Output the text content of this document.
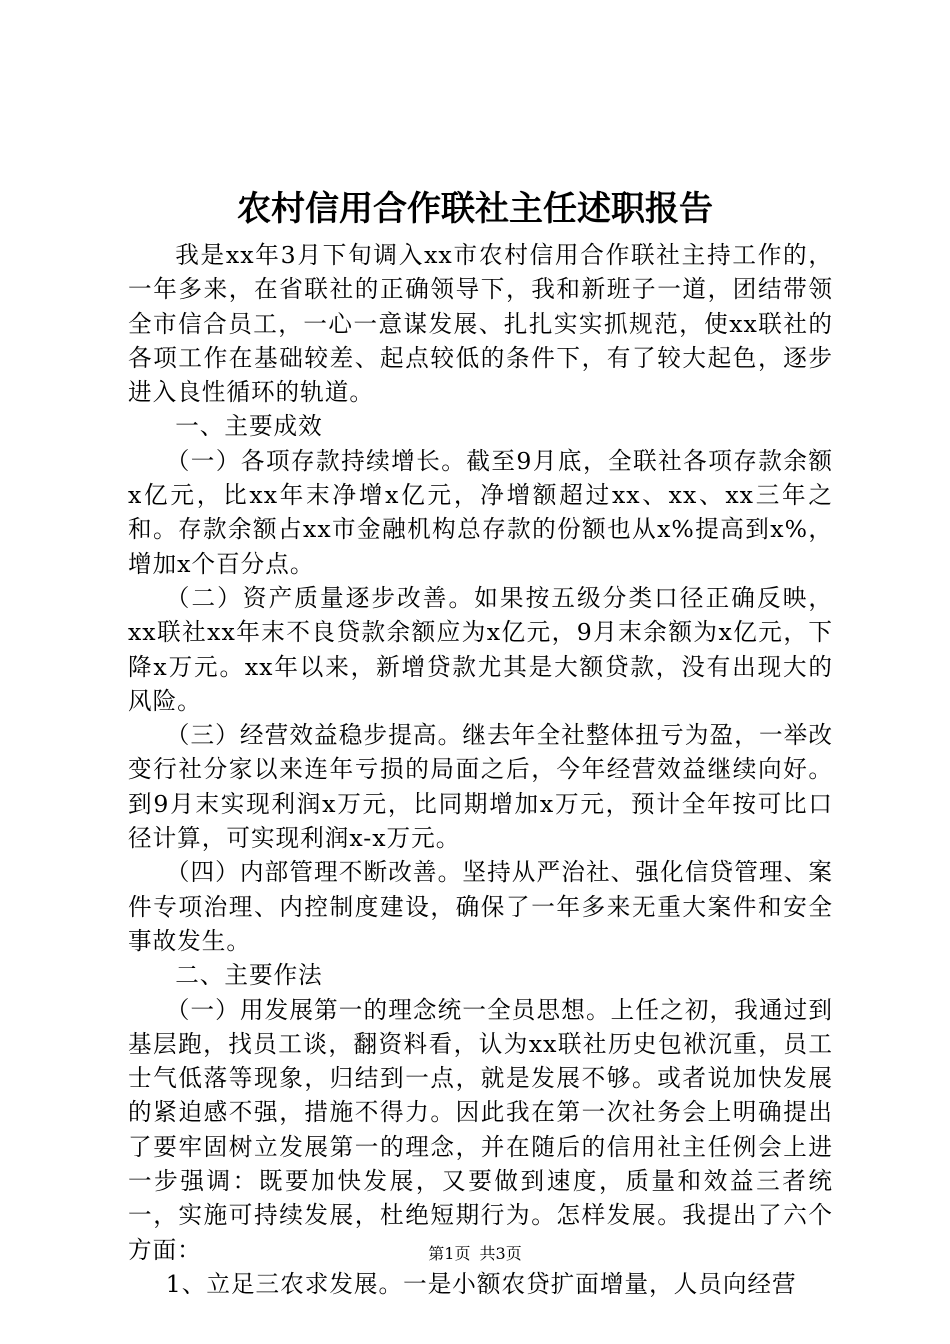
农村信用合作联社主任述职报告

我是xx年3月下旬调入xx市农村信用合作联社主持工作的，一年多来，在省联社的正确领导下，我和新班子一道，团结带领全市信合员工，一心一意谋发展、扎扎实实抓规范，使xx联社的各项工作在基础较差、起点较低的条件下，有了较大起色，逐步进入良性循环的轨道。

一、主要成效

（一）各项存款持续增长。截至9月底，全联社各项存款余额x亿元，比xx年末净增x亿元，净增额超过xx、xx、xx三年之和。存款余额占xx市金融机构总存款的份额也从x%提高到x%，增加x个百分点。

（二）资产质量逐步改善。如果按五级分类口径正确反映，xx联社xx年末不良贷款余额应为x亿元，9月末余额为x亿元，下降x万元。xx年以来，新增贷款尤其是大额贷款，没有出现大的风险。

（三）经营效益稳步提高。继去年全社整体扭亏为盈，一举改变行社分家以来连年亏损的局面之后，今年经营效益继续向好。到9月末实现利润x万元，比同期增加x万元，预计全年按可比口径计算，可实现利润x-x万元。

（四）内部管理不断改善。坚持从严治社、强化信贷管理、案件专项治理、内控制度建设，确保了一年多来无重大案件和安全事故发生。

二、主要作法

（一）用发展第一的理念统一全员思想。上任之初，我通过到基层跑，找员工谈，翻资料看，认为xx联社历史包袱沉重，员工士气低落等现象，归结到一点，就是发展不够。或者说加快发展的紧迫感不强，措施不得力。因此我在第一次社务会上明确提出了要牢固树立发展第一的理念，并在随后的信用社主任例会上进一步强调：既要加快发展，又要做到速度，质量和效益三者统一，实施可持续发展，杜绝短期行为。怎样发展。我提出了六个方面：

1、立足三农求发展。一是小额农贷扩面增量，人员向经营

第1页 共3页
